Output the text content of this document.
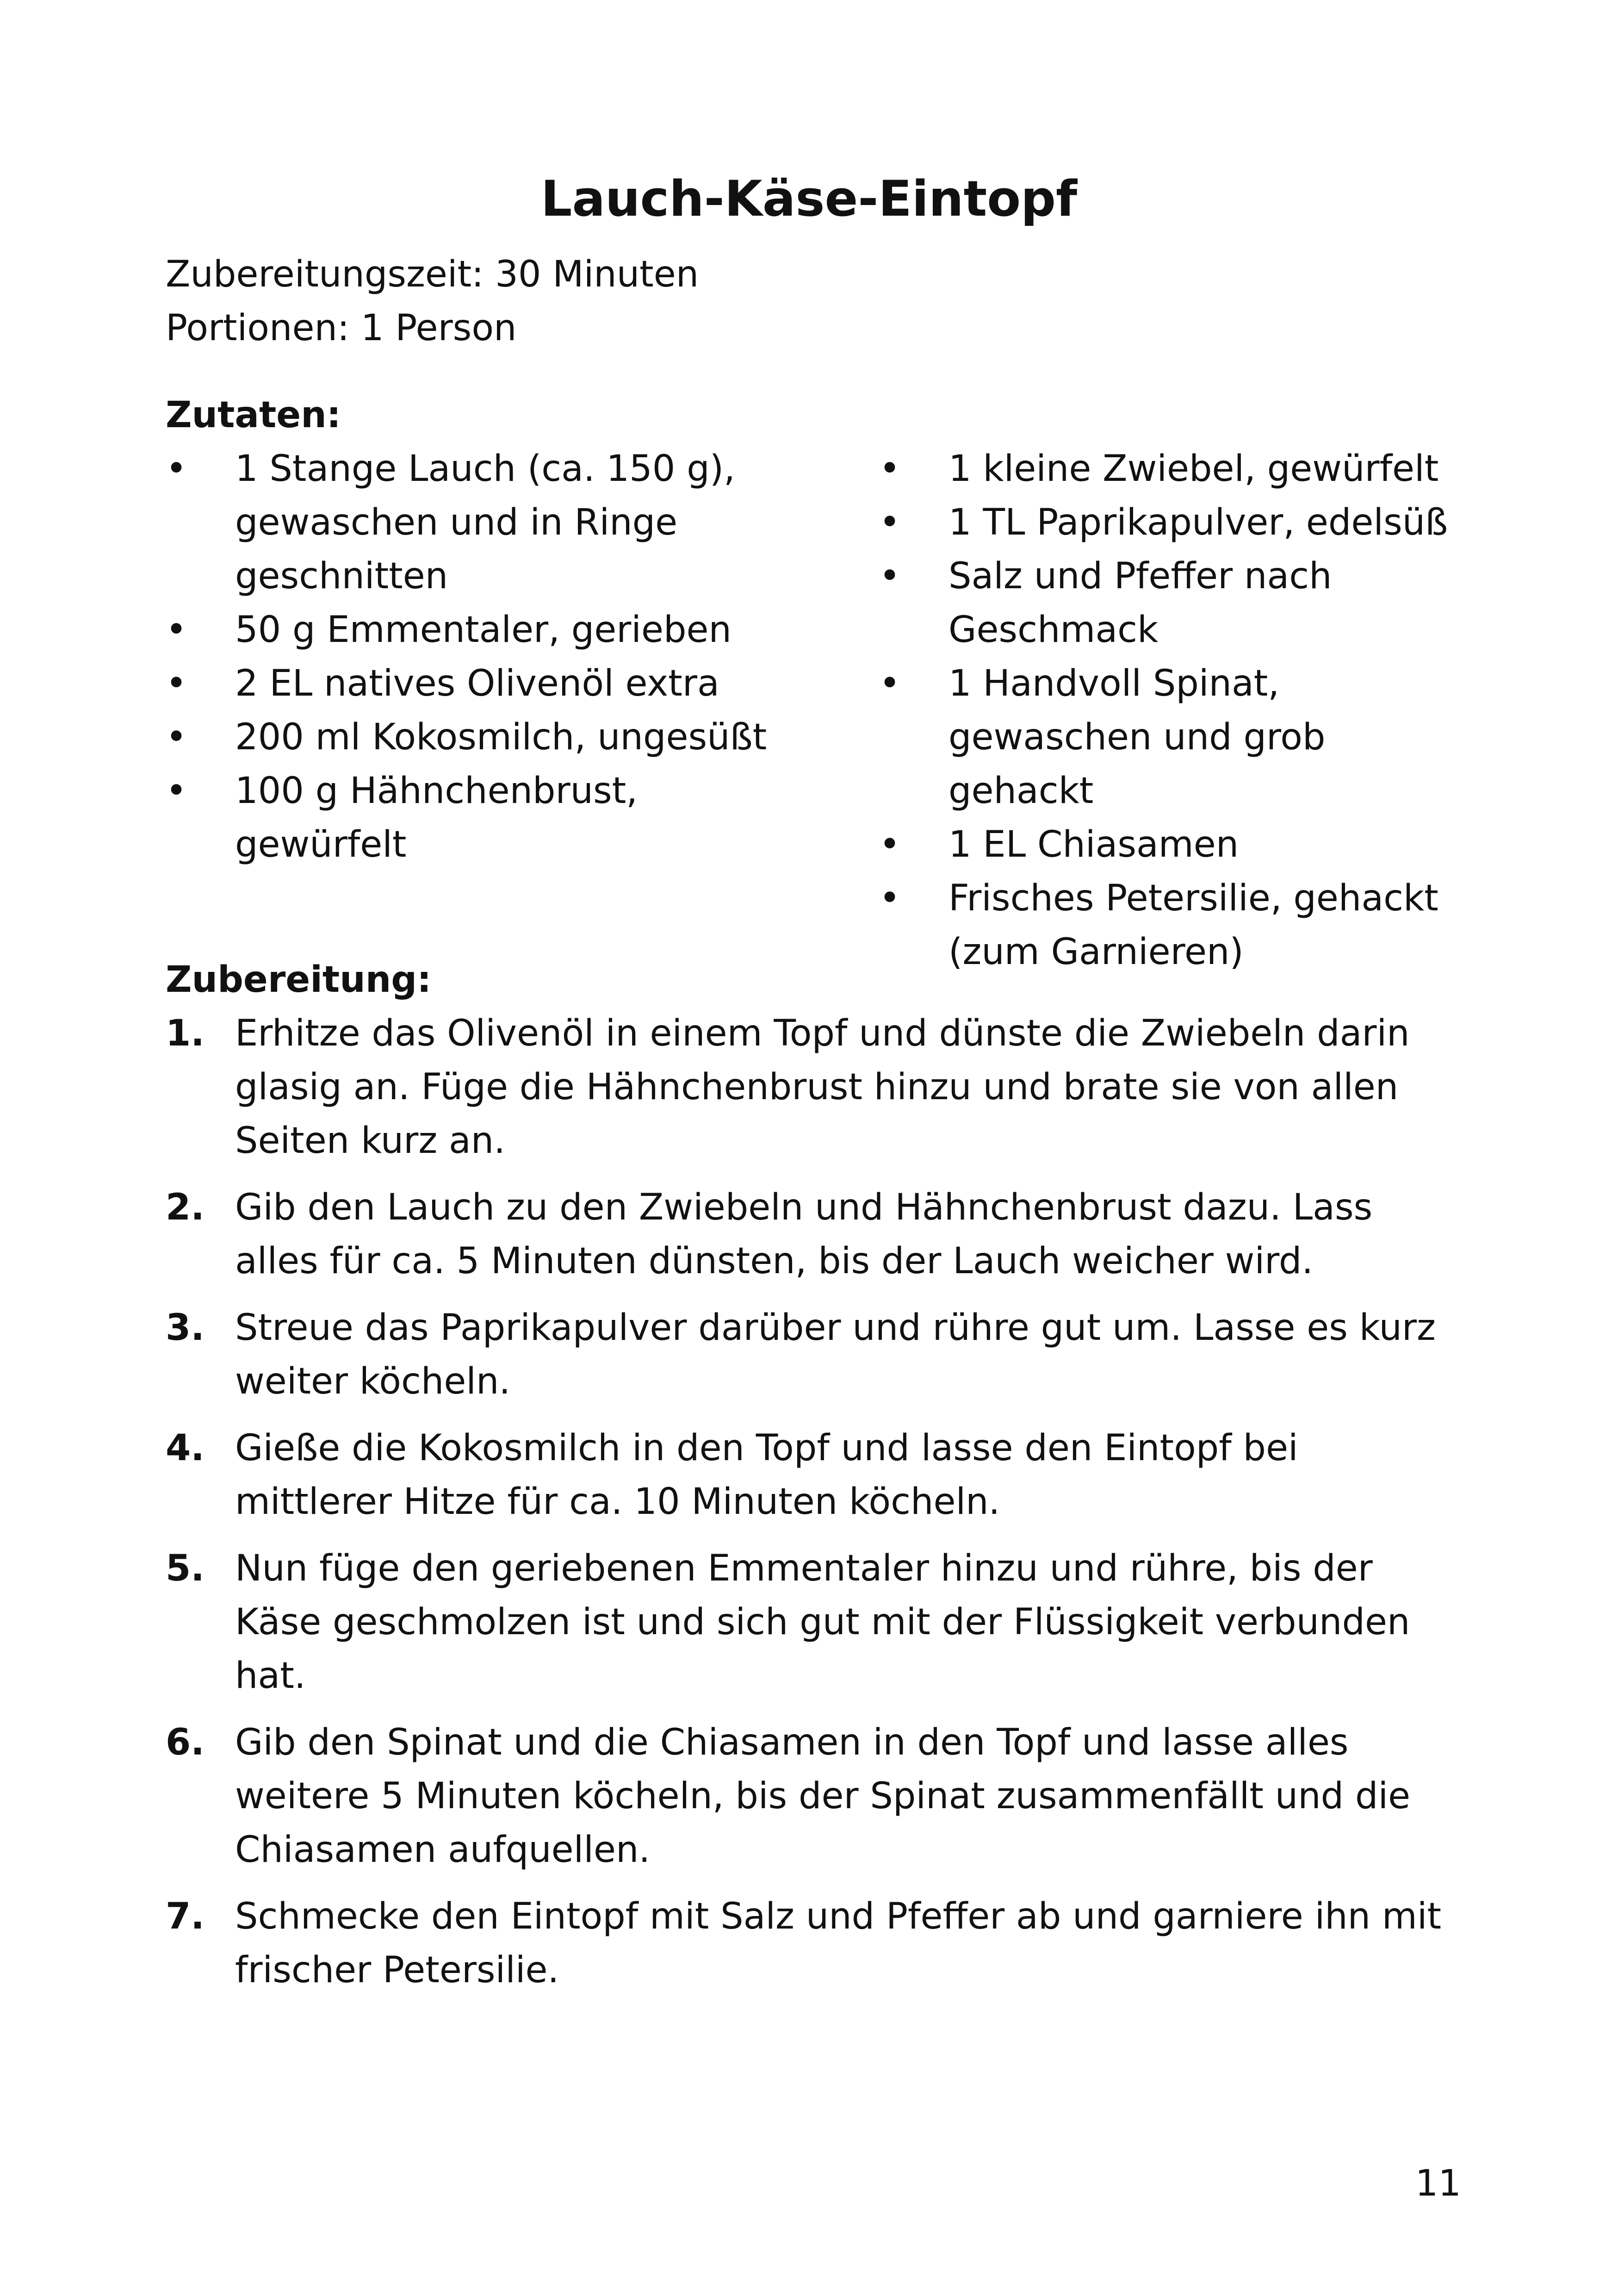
Lauch-Käse-Eintopf
Zubereitungszeit: 30 Minuten
Portionen: 1 Person
Zutaten:
• 1 Stange Lauch (ca. 150 g), gewaschen und in Ringe geschnitten
• 50 g Emmentaler, gerieben
• 2 EL natives Olivenöl extra
• 200 ml Kokosmilch, ungesüßt
• 100 g Hähnchenbrust, gewürfelt
• 1 kleine Zwiebel, gewürfelt
• 1 TL Paprikapulver, edelsüß
• Salz und Pfeffer nach Geschmack
• 1 Handvoll Spinat, gewaschen und grob gehackt
• 1 EL Chiasamen
• Frisches Petersilie, gehackt (zum Garnieren)
Zubereitung:
1. Erhitze das Olivenöl in einem Topf und dünste die Zwiebeln darin glasig an. Füge die Hähnchenbrust hinzu und brate sie von allen Seiten kurz an.
2. Gib den Lauch zu den Zwiebeln und Hähnchenbrust dazu. Lass alles für ca. 5 Minuten dünsten, bis der Lauch weicher wird.
3. Streue das Paprikapulver darüber und rühre gut um. Lasse es kurz weiter köcheln.
4. Gieße die Kokosmilch in den Topf und lasse den Eintopf bei mittlerer Hitze für ca. 10 Minuten köcheln.
5. Nun füge den geriebenen Emmentaler hinzu und rühre, bis der Käse geschmolzen ist und sich gut mit der Flüssigkeit verbunden hat.
6. Gib den Spinat und die Chiasamen in den Topf und lasse alles weitere 5 Minuten köcheln, bis der Spinat zusammenfällt und die Chiasamen aufquellen.
7. Schmecke den Eintopf mit Salz und Pfeffer ab und garniere ihn mit frischer Petersilie.
11
